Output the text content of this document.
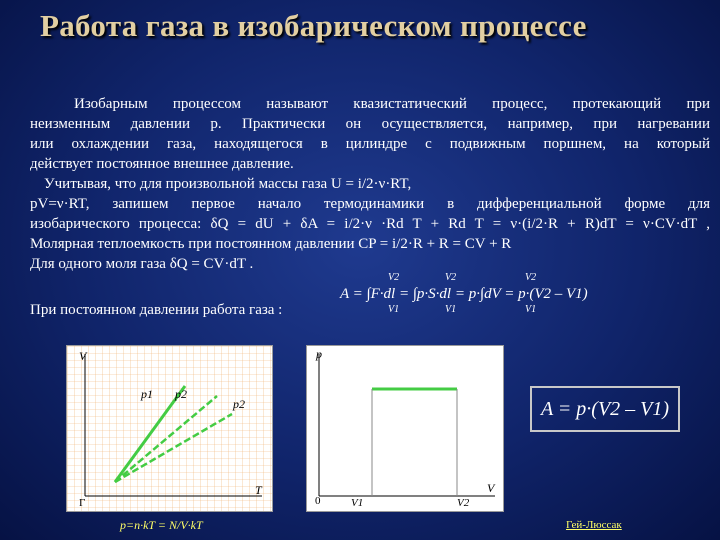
Работа газа в изобарическом процессе
Изобарным процессом называют квазистатический процесс, протекающий при
неизменным давлении р. Практически он осуществляется, например, при нагревании
или охлаждении газа, находящегося в цилиндре с подвижным поршнем, на который
действует постоянное внешнее давление.
Учитывая, что для произвольной массы газа U = i/2·ν·RT,
pV=ν·RT, запишем первое начало термодинамики в дифференциальной форме для
изобарического процесса: δQ = dU + δA = i/2·ν ·Rd T + Rd T = ν·(i/2·R + R)dT = ν·CV·dT ,
Молярная теплоемкость при постоянном давлении CP = i/2·R + R = CV + R
Для одного моля газа δQ = CV·dT .
При постоянном давлении работа газа :
V2
V1
V2
V1
V2
V1
A = ∫F·dl = ∫p·S·dl = p·∫dV = p·(V2 – V1)
V
T
Г
p1 p2
p2
p
V
0	V1	V2
A = p·(V2 – V1)
p=n·kT = N/V·kT	Гей-Люссак
